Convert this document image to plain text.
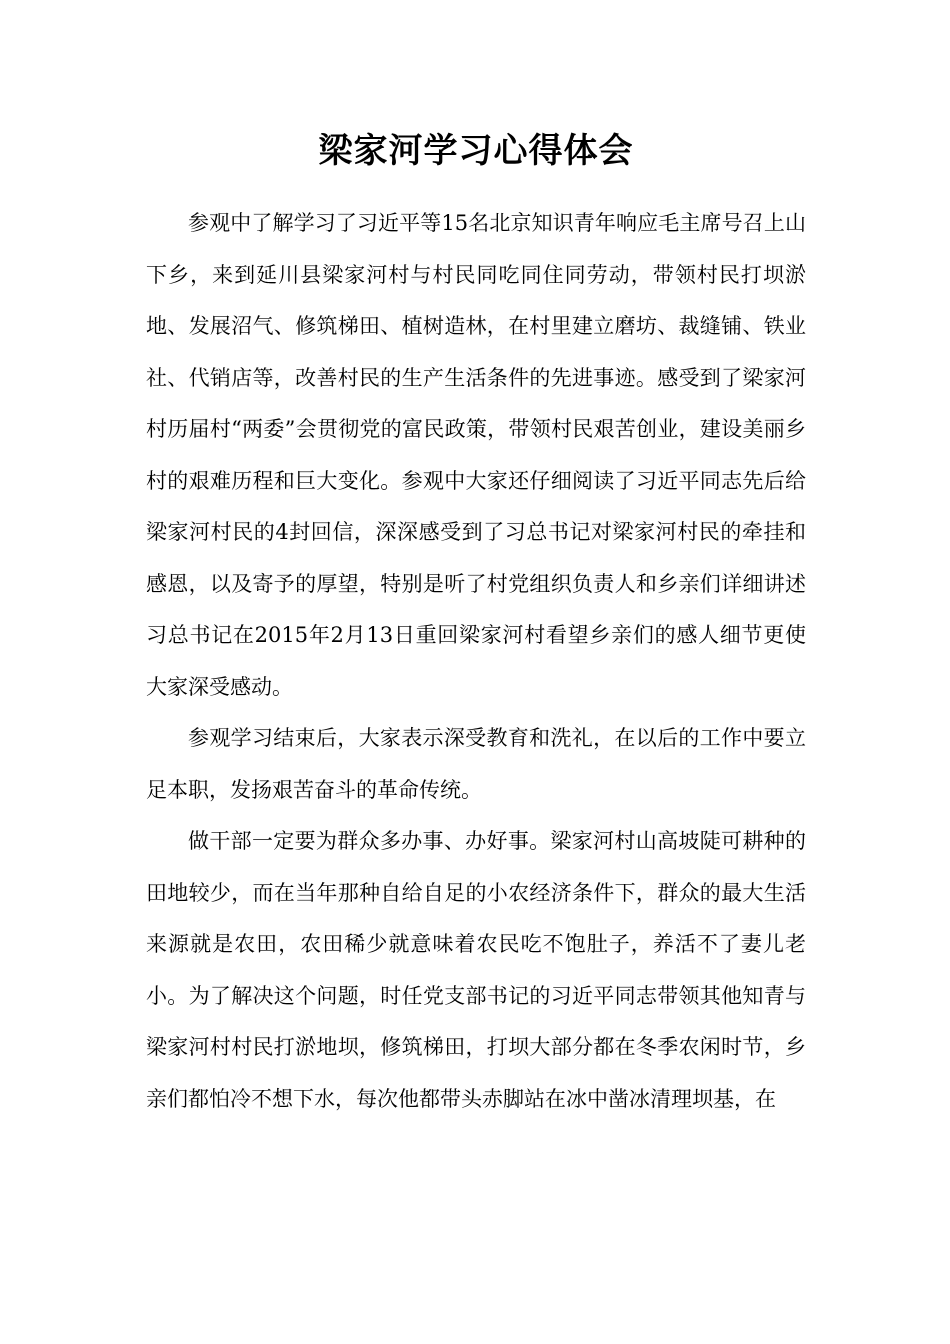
梁家河学习心得体会

参观中了解学习了习近平等15名北京知识青年响应毛主席号召上山下乡，来到延川县梁家河村与村民同吃同住同劳动，带领村民打坝淤地、发展沼气、修筑梯田、植树造林，在村里建立磨坊、裁缝铺、铁业社、代销店等，改善村民的生产生活条件的先进事迹。感受到了梁家河村历届村“两委”会贯彻党的富民政策，带领村民艰苦创业，建设美丽乡村的艰难历程和巨大变化。参观中大家还仔细阅读了习近平同志先后给梁家河村民的4封回信，深深感受到了习总书记对梁家河村民的牵挂和感恩，以及寄予的厚望，特别是听了村党组织负责人和乡亲们详细讲述习总书记在2015年2月13日重回梁家河村看望乡亲们的感人细节更使大家深受感动。

参观学习结束后，大家表示深受教育和洗礼，在以后的工作中要立足本职，发扬艰苦奋斗的革命传统。

做干部一定要为群众多办事、办好事。梁家河村山高坡陡可耕种的田地较少，而在当年那种自给自足的小农经济条件下，群众的最大生活来源就是农田，农田稀少就意味着农民吃不饱肚子，养活不了妻儿老小。为了解决这个问题，时任党支部书记的习近平同志带领其他知青与梁家河村村民打淤地坝，修筑梯田，打坝大部分都在冬季农闲时节，乡亲们都怕冷不想下水，每次他都带头赤脚站在冰中凿冰清理坝基，在
